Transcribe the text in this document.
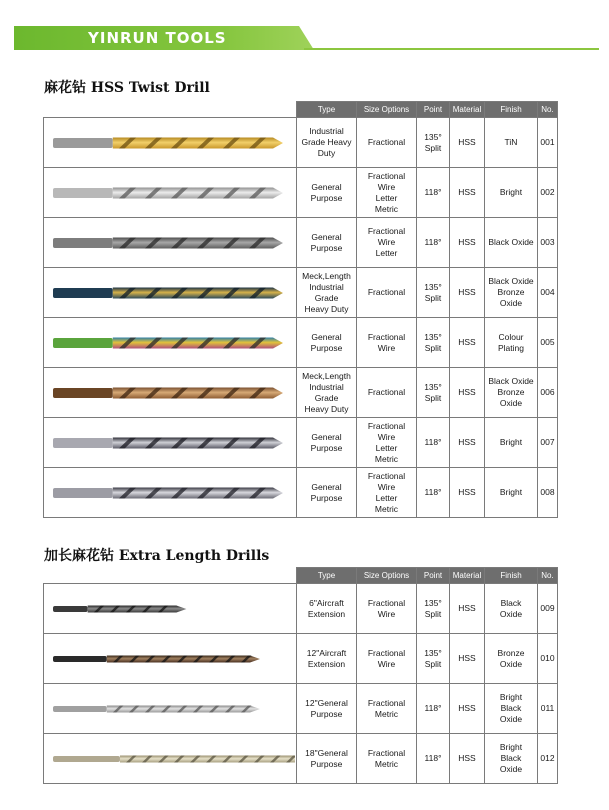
YINRUN TOOLS
麻花钻 HSS Twist Drill
	Type	Size Options	Point	Material	Finish	No.

Industrial
Grade Heavy
Duty	Fractional	135°
Split	HSS	TiN	001

General
Purpose	Fractional
Wire
Letter
Metric	118°	HSS	Bright	002

General
Purpose	Fractional
Wire
Letter	118°	HSS	Black Oxide	003

Meck,Length
Industrial Grade
Heavy Duty	Fractional	135°
Split	HSS	Black Oxide
Bronze Oxide	004

General
Purpose	Fractional
Wire	135°
Split	HSS	Colour
Plating	005

Meck,Length
Industrial Grade
Heavy Duty	Fractional	135°
Split	HSS	Black Oxide
Bronze Oxide	006

General
Purpose	Fractional
Wire
Letter
Metric	118°	HSS	Bright	007

General
Purpose	Fractional
Wire
Letter
Metric	118°	HSS	Bright	008
加长麻花钻 Extra Length Drills
	Type	Size Options	Point	Material	Finish	No.

6"Aircraft
Extension	Fractional
Wire	135°
Split	HSS	Black
Oxide	009

12"Aircraft
Extension	Fractional
Wire	135°
Split	HSS	Bronze
Oxide	010

12"General
Purpose	Fractional
Metric	118°	HSS	Bright
Black
Oxide	011

18"General
Purpose	Fractional
Metric	118°	HSS	Bright
Black
Oxide	012
